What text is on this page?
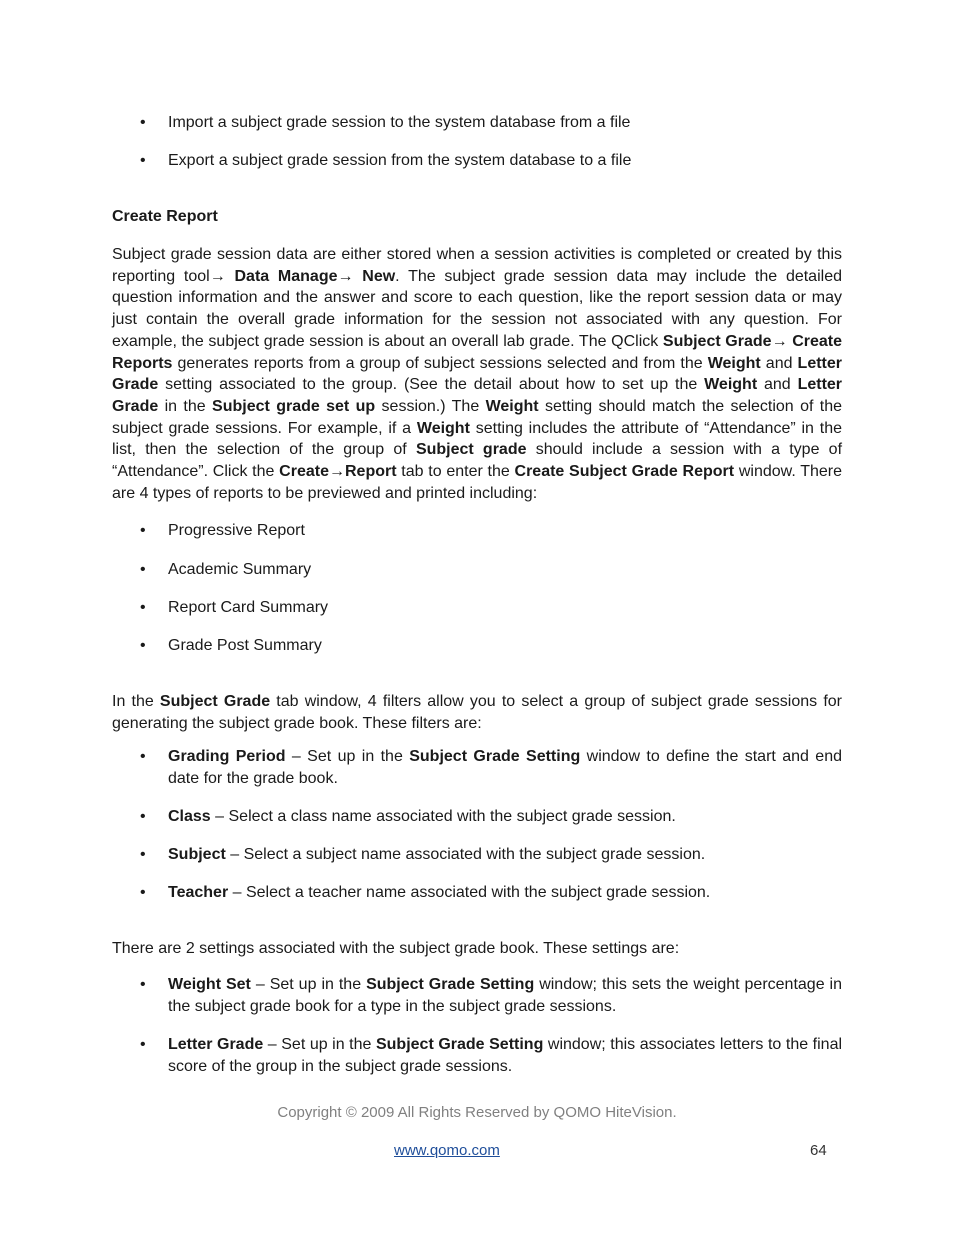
• Import a subject grade session to the system database from a file
• Export a subject grade session from the system database to a file
Create Report

Subject grade session data are either stored when a session activities is completed or created by this reporting tool→ Data Manage→ New. The subject grade session data may include the detailed question information and the answer and score to each question, like the report session data or may just contain the overall grade information for the session not associated with any question. For example, the subject grade session is about an overall lab grade. The QClick Subject Grade→ Create Reports generates reports from a group of subject sessions selected and from the Weight and Letter Grade setting associated to the group. (See the detail about how to set up the Weight and Letter Grade in the Subject grade set up session.) The Weight setting should match the selection of the subject grade sessions. For example, if a Weight setting includes the attribute of “Attendance” in the list, then the selection of the group of Subject grade should include a session with a type of “Attendance”. Click the Create→Report tab to enter the Create Subject Grade Report window. There are 4 types of reports to be previewed and printed including:

• Progressive Report
• Academic Summary
• Report Card Summary
• Grade Post Summary

In the Subject Grade tab window, 4 filters allow you to select a group of subject grade sessions for generating the subject grade book. These filters are:

• Grading Period – Set up in the Subject Grade Setting window to define the start and end date for the grade book.
• Class – Select a class name associated with the subject grade session.
• Subject – Select a subject name associated with the subject grade session.
• Teacher – Select a teacher name associated with the subject grade session.
There are 2 settings associated with the subject grade book. These settings are:
• Weight Set – Set up in the Subject Grade Setting window; this sets the weight percentage in the subject grade book for a type in the subject grade sessions.
• Letter Grade – Set up in the Subject Grade Setting window; this associates letters to the final score of the group in the subject grade sessions.
Copyright © 2009 All Rights Reserved by QOMO HiteVision.
www.qomo.com	64
